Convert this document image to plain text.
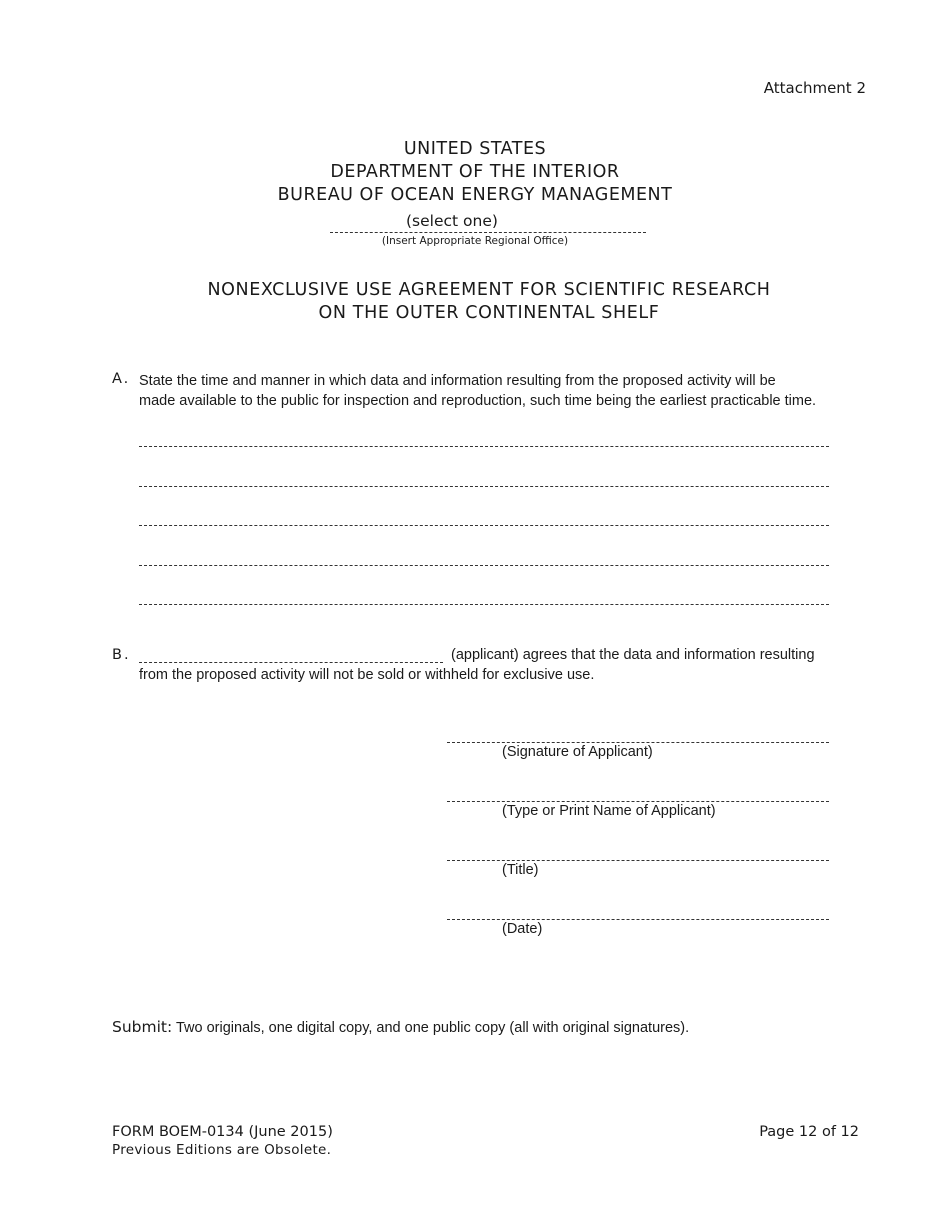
Attachment 2
UNITED STATES
DEPARTMENT OF THE INTERIOR
BUREAU OF OCEAN ENERGY MANAGEMENT
(select one)
(Insert Appropriate Regional Office)
NONEXCLUSIVE USE AGREEMENT FOR SCIENTIFIC RESEARCH
ON THE OUTER CONTINENTAL SHELF
A. State the time and manner in which data and information resulting from the proposed activity will be
made available to the public for inspection and reproduction, such time being the earliest practicable time.
B.	(applicant) agrees that the data and information resulting
from the proposed activity will not be sold or withheld for exclusive use.
(Signature of Applicant)
(Type or Print Name of Applicant)
(Title)
(Date)
Submit: Two originals, one digital copy, and one public copy (all with original signatures).
FORM BOEM-0134 (June 2015)
Previous Editions are Obsolete.
Page 12 of 12
